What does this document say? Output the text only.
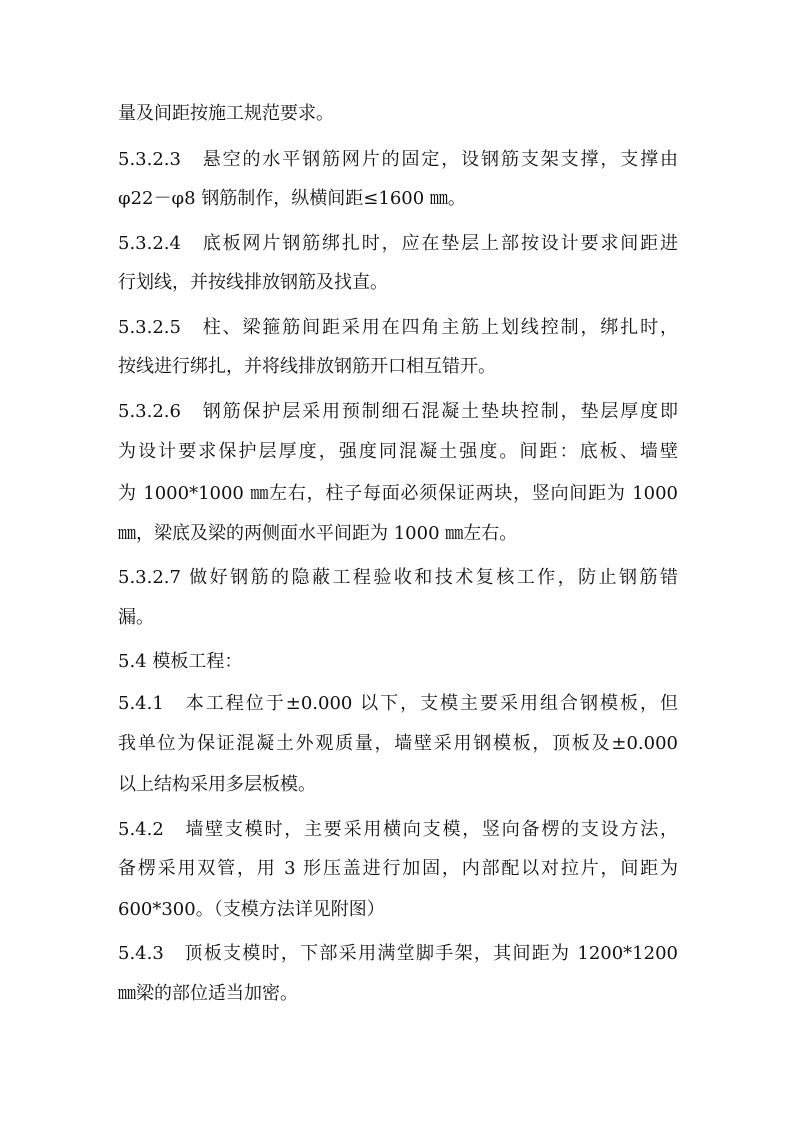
量及间距按施工规范要求。
5.3.2.3　悬空的水平钢筋网片的固定，设钢筋支架支撑，支撑由
φ22－φ8 钢筋制作，纵横间距≤1600 ㎜。
5.3.2.4　底板网片钢筋绑扎时，应在垫层上部按设计要求间距进
行划线，并按线排放钢筋及找直。
5.3.2.5　柱、梁箍筋间距采用在四角主筋上划线控制，绑扎时，
按线进行绑扎，并将线排放钢筋开口相互错开。
5.3.2.6　钢筋保护层采用预制细石混凝土垫块控制，垫层厚度即
为设计要求保护层厚度，强度同混凝土强度。间距：底板、墙壁
为 1000*1000 ㎜左右，柱子每面必须保证两块，竖向间距为 1000
㎜，梁底及梁的两侧面水平间距为 1000 ㎜左右。
5.3.2.7 做好钢筋的隐蔽工程验收和技术复核工作，防止钢筋错
漏。
5.4 模板工程：
5.4.1　本工程位于±0.000 以下，支模主要采用组合钢模板，但
我单位为保证混凝土外观质量，墙壁采用钢模板，顶板及±0.000
以上结构采用多层板模。
5.4.2　墙壁支模时，主要采用横向支模，竖向备楞的支设方法，
备楞采用双管，用 3 形压盖进行加固，内部配以对拉片，间距为
600*300。（支模方法详见附图）
5.4.3　顶板支模时，下部采用满堂脚手架，其间距为 1200*1200
㎜梁的部位适当加密。
